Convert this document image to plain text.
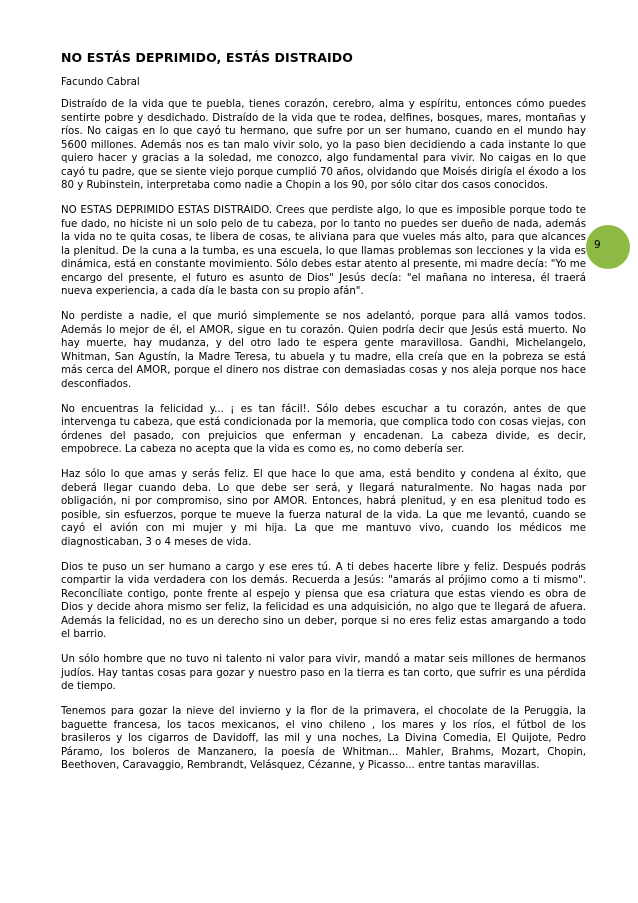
NO ESTÁS DEPRIMIDO, ESTÁS DISTRAIDO

Facundo Cabral

Distraído de la vida que te puebla, tienes corazón, cerebro, alma y espíritu, entonces cómo puedes sentirte pobre y desdichado. Distraído de la vida que te rodea, delfines, bosques, mares, montañas y ríos. No caigas en lo que cayó tu hermano, que sufre por un ser humano, cuando en el mundo hay 5600 millones. Además nos es tan malo vivir solo, yo la paso bien decidiendo a cada instante lo que quiero hacer y gracias a la soledad, me conozco, algo fundamental para vivir. No caigas en lo que cayó tu padre, que se siente viejo porque cumplió 70 años, olvidando que Moisés dirigía el éxodo a los 80 y Rubinstein, interpretaba como nadie a Chopin a los 90, por sólo citar dos casos conocidos.

NO ESTAS DEPRIMIDO ESTAS DISTRAIDO. Crees que perdiste algo, lo que es imposible porque todo te fue dado, no hiciste ni un solo pelo de tu cabeza, por lo tanto no puedes ser dueño de nada, además la vida no te quita cosas, te libera de cosas, te aliviana para que vueles más alto, para que alcances la plenitud. De la cuna a la tumba, es una escuela, lo que llamas problemas son lecciones y la vida es dinámica, está en constante movimiento. Sólo debes estar atento al presente, mi madre decía: "Yo me encargo del presente, el futuro es asunto de Dios" Jesús decía: "el mañana no interesa, él traerá nueva experiencia, a cada día le basta con su propio afán".

No perdiste a nadie, el que murió simplemente se nos adelantó, porque para allá vamos todos. Además lo mejor de él, el AMOR, sigue en tu corazón. Quien podría decir que Jesús está muerto. No hay muerte, hay mudanza, y del otro lado te espera gente maravillosa. Gandhi, Michelangelo, Whitman, San Agustín, la Madre Teresa, tu abuela y tu madre, ella creía que en la pobreza se está más cerca del AMOR, porque el dinero nos distrae con demasiadas cosas y nos aleja porque nos hace desconfiados.

No encuentras la felicidad y... ¡ es tan fácil!. Sólo debes escuchar a tu corazón, antes de que intervenga tu cabeza, que está condicionada por la memoria, que complica todo con cosas viejas, con órdenes del pasado, con prejuicios que enferman y encadenan. La cabeza divide, es decir, empobrece. La cabeza no acepta que la vida es como es, no como debería ser.

Haz sólo lo que amas y serás feliz. El que hace lo que ama, está bendito y condena al éxito, que deberá llegar cuando deba. Lo que debe ser será, y llegará naturalmente. No hagas nada por obligación, ni por compromiso, sino por AMOR. Entonces, habrá plenitud, y en esa plenitud todo es posible, sin esfuerzos, porque te mueve la fuerza natural de la vida. La que me levantó, cuando se cayó el avión con mi mujer y mi hija. La que me mantuvo vivo, cuando los médicos me diagnosticaban, 3 o 4 meses de vida.

Dios te puso un ser humano a cargo y ese eres tú. A ti debes hacerte libre y feliz. Después podrás compartir la vida verdadera con los demás. Recuerda a Jesús: "amarás al prójimo como a ti mismo". Reconcíliate contigo, ponte frente al espejo y piensa que esa criatura que estas viendo es obra de Dios y decide ahora mismo ser feliz, la felicidad es una adquisición, no algo que te llegará de afuera. Además la felicidad, no es un derecho sino un deber, porque si no eres feliz estas amargando a todo el barrio.

Un sólo hombre que no tuvo ni talento ni valor para vivir, mandó a matar seis millones de hermanos judíos. Hay tantas cosas para gozar y nuestro paso en la tierra es tan corto, que sufrir es una pérdida de tiempo.

Tenemos para gozar la nieve del invierno y la flor de la primavera, el chocolate de la Peruggia, la baguette francesa, los tacos mexicanos, el vino chileno , los mares y los ríos, el fútbol de los brasileros y los cigarros de Davidoff, las mil y una noches, La Divina Comedia, El Quijote, Pedro Páramo, los boleros de Manzanero, la poesía de Whitman... Mahler, Brahms, Mozart, Chopin, Beethoven, Caravaggio, Rembrandt, Velásquez, Cézanne, y Picasso... entre tantas maravillas.

9
